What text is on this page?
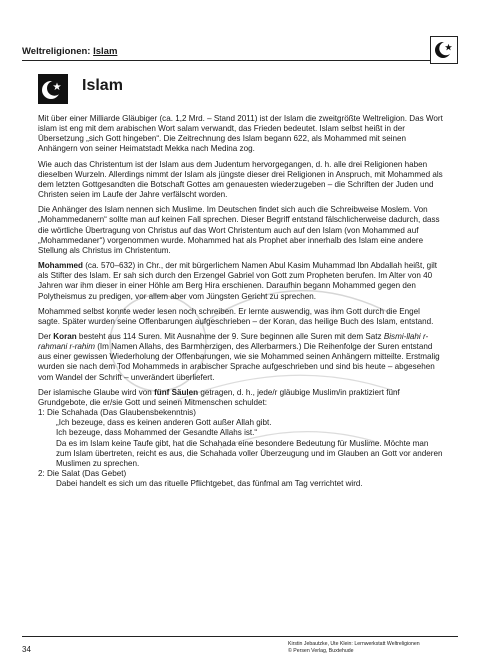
Weltreligionen: Islam
Islam

Mit über einer Milliarde Gläubiger (ca. 1,2 Mrd. – Stand 2011) ist der Islam die zweitgrößte Weltreligion. Das Wort islam ist eng mit dem arabischen Wort salam verwandt, das Frieden bedeutet. Islam selbst heißt in der Übersetzung „sich Gott hingeben“. Die Zeitrechnung des Islam begann 622, als Mohammed mit seinen Anhängern von seiner Heimatstadt Mekka nach Medina zog.

Wie auch das Christentum ist der Islam aus dem Judentum hervorgegangen, d. h. alle drei Religionen haben dieselben Wurzeln. Allerdings nimmt der Islam als jüngste dieser drei Religionen in Anspruch, mit Mohammed als dem letzten Gottgesandten die Botschaft Gottes am genauesten wiederzugeben – die Schriften der Juden und Christen seien im Laufe der Jahre verfälscht worden.

Die Anhänger des Islam nennen sich Muslime. Im Deutschen findet sich auch die Schreibweise Moslem. Von „Mohammedanern“ sollte man auf keinen Fall sprechen. Dieser Begriff entstand fälschlicherweise dadurch, dass die wörtliche Übertragung von Christus auf das Wort Christentum auch auf den Islam (von Mohammed auf „Mohammedaner“) vorgenommen wurde. Mohammed hat als Prophet aber innerhalb des Islam eine andere Stellung als Christus im Christentum.

Mohammed (ca. 570–632) in Chr., der mit bürgerlichem Namen Abul Kasim Muhammad Ibn Abdallah heißt, gilt als Stifter des Islam. Er sah sich durch den Erzengel Gabriel von Gott zum Propheten berufen. Im Alter von 40 Jahren war ihm dieser in einer Höhle am Berg Hira erschienen. Daraufhin begann Mohammed gegen den Polytheismus zu predigen, vor allem aber vom Jüngsten Gericht zu sprechen.

Mohammed selbst konnte weder lesen noch schreiben. Er lernte auswendig, was ihm Gott durch die Engel sagte. Später wurden seine Offenbarungen aufgeschrieben – der Koran, das heilige Buch des Islam, entstand.

Der Koran besteht aus 114 Suren. Mit Ausnahme der 9. Sure beginnen alle Suren mit dem Satz Bismi-llahi r-rahmani r-rahim (Im Namen Allahs, des Barmherzigen, des Allerbarmers.) Die Reihenfolge der Suren entstand aus einer gewissen Wiederholung der Offenbarungen, wie sie Mohammed seinen Anhängern mitteilte. Erstmalig wurden sie nach dem Tod Mohammeds in arabischer Sprache aufgeschrieben und sind bis heute – abgesehen vom Wandel der Schrift – unverändert überliefert.

Der islamische Glaube wird von fünf Säulen getragen, d. h., jede/r gläubige Muslim/in praktiziert fünf Grundgebote, die er/sie Gott und seinen Mitmenschen schuldet:

1: Die Schahada (Das Glaubensbekenntnis)
„Ich bezeuge, dass es keinen anderen Gott außer Allah gibt.
Ich bezeuge, dass Mohammed der Gesandte Allahs ist.“
Da es im Islam keine Taufe gibt, hat die Schahada eine besondere Bedeutung für Muslime. Möchte man zum Islam übertreten, reicht es aus, die Schahada voller Überzeugung und im Glauben an Gott vor anderen Muslimen zu sprechen.
2: Die Salat (Das Gebet)
Dabei handelt es sich um das rituelle Pflichtgebet, das fünfmal am Tag verrichtet wird.
34
Kirstin Jebautzke, Ute Klein: Lernwerkstatt Weltreligionen
© Persen Verlag, Buxtehude
